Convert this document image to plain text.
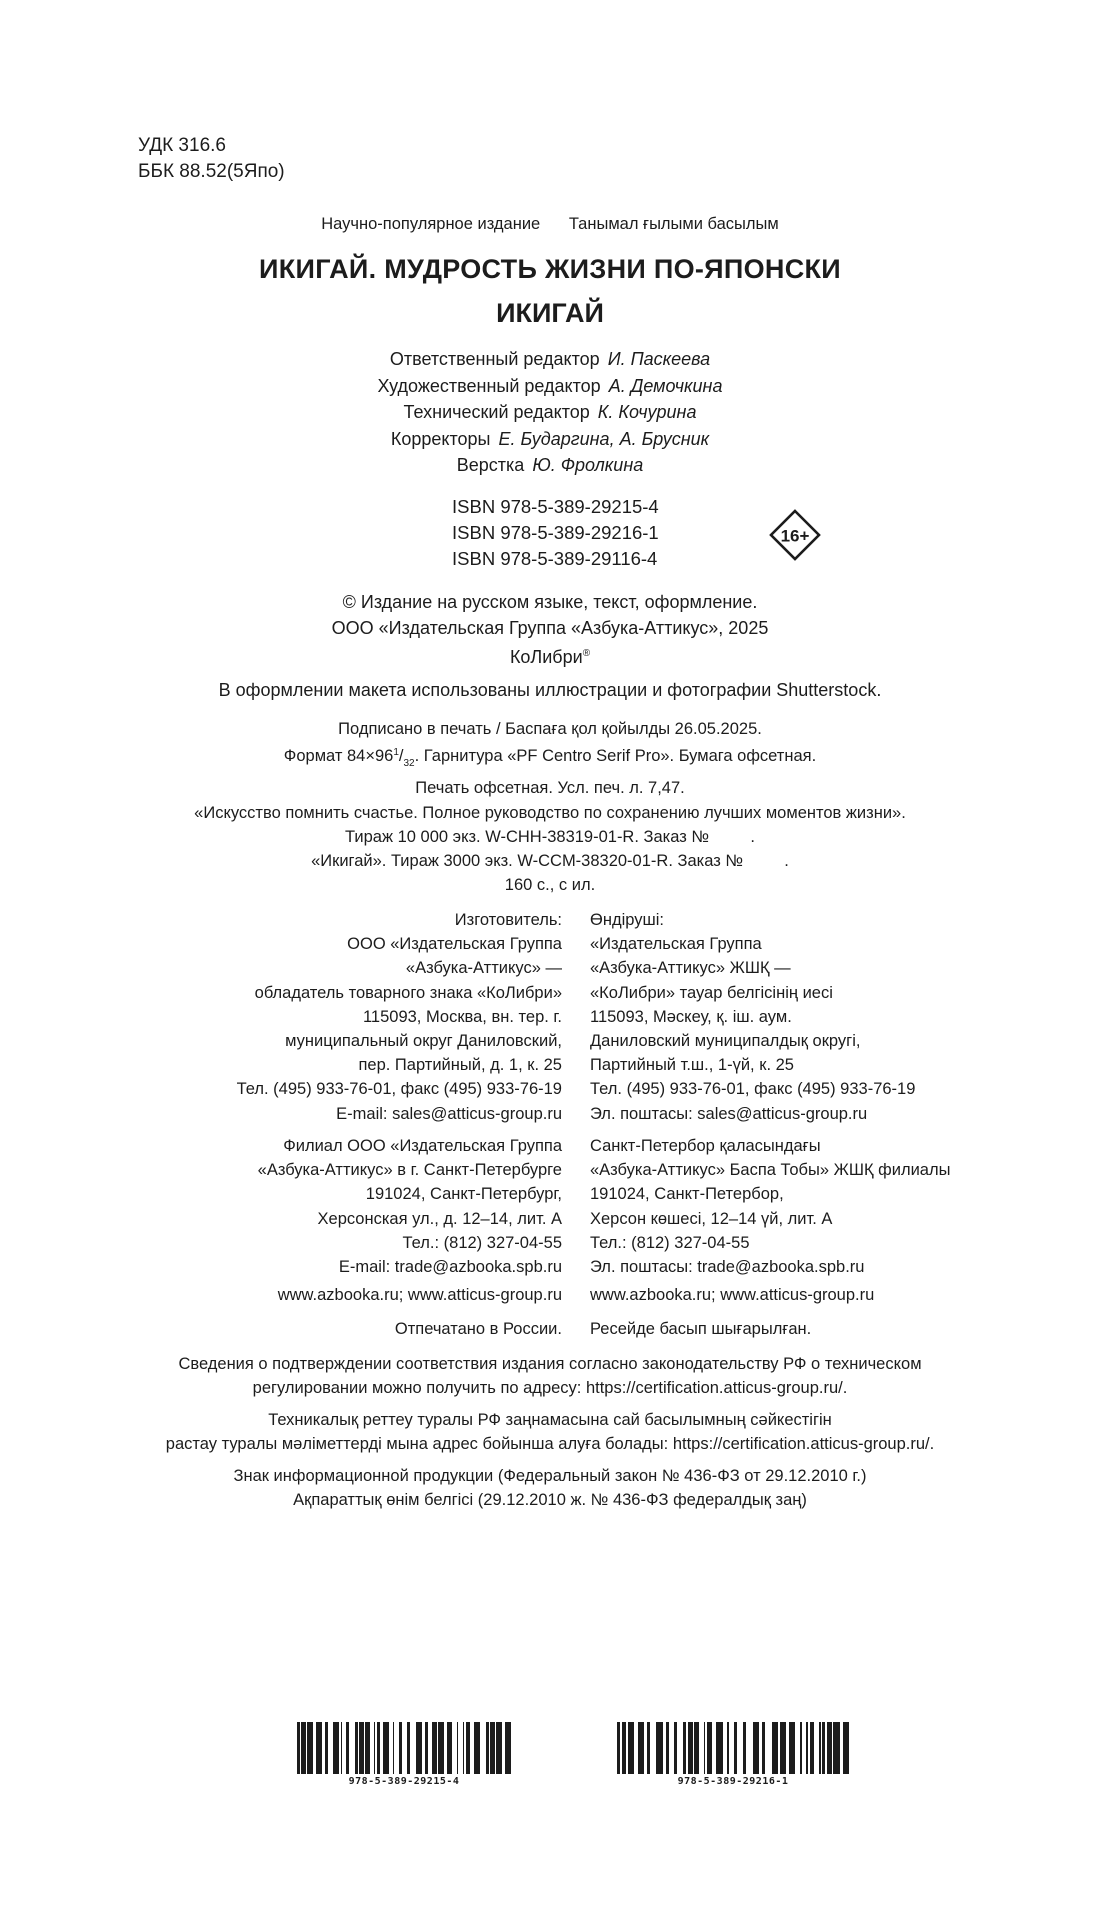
УДК 316.6
ББК 88.52(5Япо)
Научно-популярное издание Танымал ғылыми басылым
ИКИГАЙ. МУДРОСТЬ ЖИЗНИ ПО-ЯПОНСКИ
ИКИГАЙ
Ответственный редактор И. Паскеева
Художественный редактор А. Демочкина
Технический редактор К. Кочурина
Корректоры Е. Бударгина, А. Брусник
Верстка Ю. Фролкина
ISBN 978-5-389-29215-4
ISBN 978-5-389-29216-1
ISBN 978-5-389-29116-4
16+
© Издание на русском языке, текст, оформление.
ООО «Издательская Группа «Азбука-Аттикус», 2025
КоЛибри®
В оформлении макета использованы иллюстрации и фотографии Shutterstock.
Подписано в печать / Баспаға қол қойылды 26.05.2025.
Формат $84\times 96^1/_{32}$. Гарнитура «PF Centro Serif Pro». Бумага офсетная.
Печать офсетная. Усл. печ. л. 7,47.
«Искусство помнить счастье. Полное руководство по сохранению лучших моментов жизни».
Тираж 10 000 экз. W-CHH-38319-01-R. Заказ №         .
«Икигай». Тираж 3000 экз. W-CCM-38320-01-R. Заказ №         .
160 с., с ил.
Изготовитель:
ООО «Издательская Группа
«Азбука-Аттикус» —
обладатель товарного знака «КоЛибри»
115093, Москва, вн. тер. г.
муниципальный округ Даниловский,
пер. Партийный, д. 1, к. 25
Тел. (495) 933-76-01, факс (495) 933-76-19
E-mail: sales@atticus-group.ru
Өндіруші:
«Издательская Группа
«Азбука-Аттикус» ЖШҚ —
«КоЛибри» тауар белгісінің иесі
115093, Мәскеу, қ. іш. аум.
Даниловский муниципалдық округі,
Партийный т.ш., 1-үй, к. 25
Тел. (495) 933-76-01, факс (495) 933-76-19
Эл. поштасы: sales@atticus-group.ru
Филиал ООО «Издательская Группа
«Азбука-Аттикус» в г. Санкт-Петербурге
191024, Санкт-Петербург,
Херсонская ул., д. 12–14, лит. А
Тел.: (812) 327-04-55
E-mail: trade@azbooka.spb.ru
Санкт-Петербор қаласындағы
«Азбука-Аттикус» Баспа Тобы» ЖШҚ филиалы
191024, Санкт-Петербор,
Херсон көшесі, 12–14 үй, лит. А
Тел.: (812) 327-04-55
Эл. поштасы: trade@azbooka.spb.ru
www.azbooka.ru; www.atticus-group.ru www.azbooka.ru; www.atticus-group.ru
Отпечатано в России. Ресейде басып шығарылған.
Сведения о подтверждении соответствия издания согласно законодательству РФ о техническом
регулировании можно получить по адресу: https://certification.atticus-group.ru/.
Техникалық реттеу туралы РФ заңнамасына сай басылымның сәйкестігін
растау туралы мәліметтерді мына адрес бойынша алуға болады: https://certification.atticus-group.ru/.
Знак информационной продукции (Федеральный закон № 436-ФЗ от 29.12.2010 г.)
Ақпараттық өнім белгісі (29.12.2010 ж. № 436-ФЗ федералдық заң)
978-5-389-29215-4	978-5-389-29216-1
